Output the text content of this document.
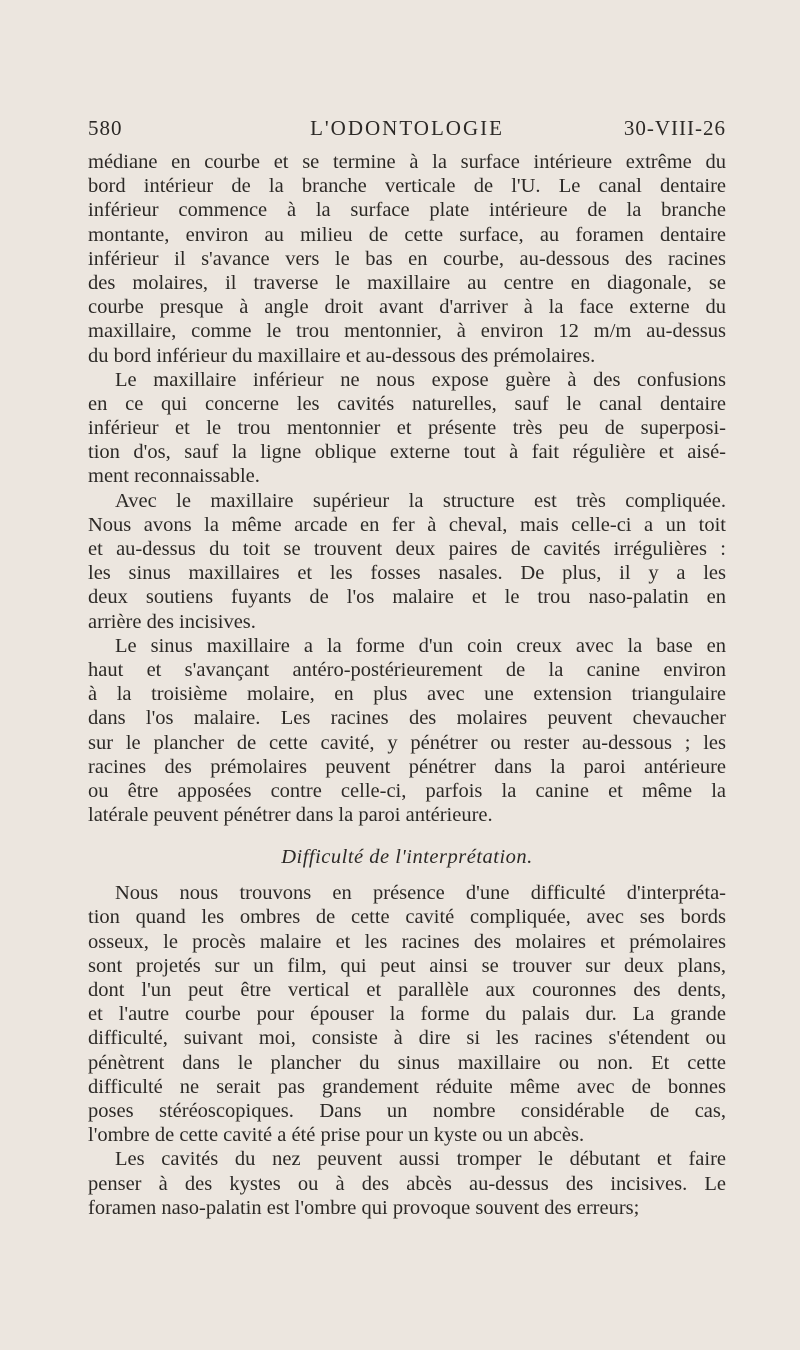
L'ODONTOLOGIE
580	30-VIII-26
médiane en courbe et se termine à la surface intérieure extrême du
bord intérieur de la branche verticale de l'U. Le canal dentaire
inférieur commence à la surface plate intérieure de la branche
montante, environ au milieu de cette surface, au foramen dentaire
inférieur il s'avance vers le bas en courbe, au-dessous des racines
des molaires, il traverse le maxillaire au centre en diagonale, se
courbe presque à angle droit avant d'arriver à la face externe du
maxillaire, comme le trou mentonnier, à environ 12 m/m au-dessus
du bord inférieur du maxillaire et au-dessous des prémolaires.
Le maxillaire inférieur ne nous expose guère à des confusions
en ce qui concerne les cavités naturelles, sauf le canal dentaire
inférieur et le trou mentonnier et présente très peu de superposi-
tion d'os, sauf la ligne oblique externe tout à fait régulière et aisé-
ment reconnaissable.
Avec le maxillaire supérieur la structure est très compliquée.
Nous avons la même arcade en fer à cheval, mais celle-ci a un toit
et au-dessus du toit se trouvent deux paires de cavités irrégulières :
les sinus maxillaires et les fosses nasales. De plus, il y a les
deux soutiens fuyants de l'os malaire et le trou naso-palatin en
arrière des incisives.
Le sinus maxillaire a la forme d'un coin creux avec la base en
haut et s'avançant antéro-postérieurement de la canine environ
à la troisième molaire, en plus avec une extension triangulaire
dans l'os malaire. Les racines des molaires peuvent chevaucher
sur le plancher de cette cavité, y pénétrer ou rester au-dessous ; les
racines des prémolaires peuvent pénétrer dans la paroi antérieure
ou être apposées contre celle-ci, parfois la canine et même la
latérale peuvent pénétrer dans la paroi antérieure.
Difficulté de l'interprétation.
Nous nous trouvons en présence d'une difficulté d'interpréta-
tion quand les ombres de cette cavité compliquée, avec ses bords
osseux, le procès malaire et les racines des molaires et prémolaires
sont projetés sur un film, qui peut ainsi se trouver sur deux plans,
dont l'un peut être vertical et parallèle aux couronnes des dents,
et l'autre courbe pour épouser la forme du palais dur. La grande
difficulté, suivant moi, consiste à dire si les racines s'étendent ou
pénètrent dans le plancher du sinus maxillaire ou non. Et cette
difficulté ne serait pas grandement réduite même avec de bonnes
poses stéréoscopiques. Dans un nombre considérable de cas,
l'ombre de cette cavité a été prise pour un kyste ou un abcès.
Les cavités du nez peuvent aussi tromper le débutant et faire
penser à des kystes ou à des abcès au-dessus des incisives. Le
foramen naso-palatin est l'ombre qui provoque souvent des erreurs;
